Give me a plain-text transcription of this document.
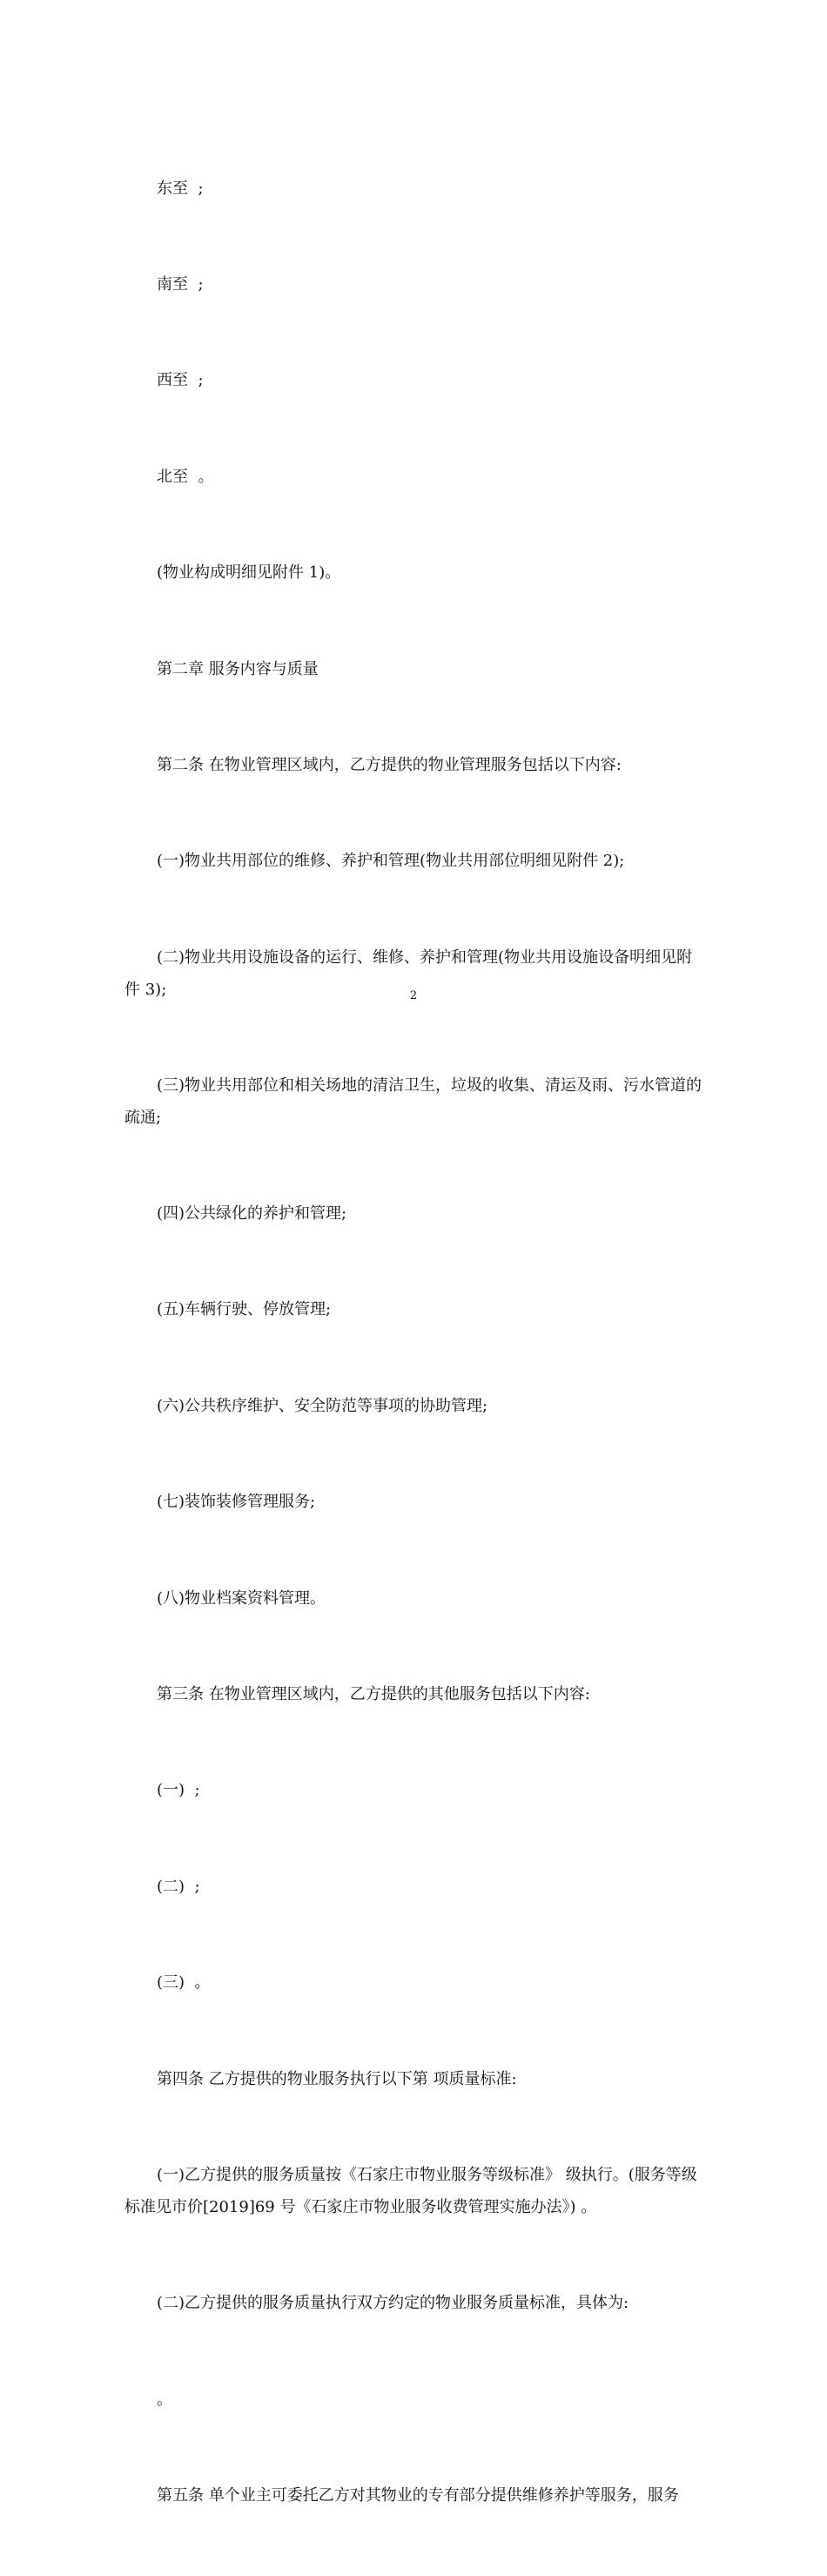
东至  ;

南至  ;

西至  ;

北至  。

(物业构成明细见附件 1)。

第二章 服务内容与质量

第二条 在物业管理区域内，乙方提供的物业管理服务包括以下内容:

(一)物业共用部位的维修、养护和管理(物业共用部位明细见附件 2);

(二)物业共用设施设备的运行、维修、养护和管理(物业共用设施设备明细见附件 3);

(三)物业共用部位和相关场地的清洁卫生，垃圾的收集、清运及雨、污水管道的疏通;

(四)公共绿化的养护和管理;

(五)车辆行驶、停放管理;

(六)公共秩序维护、安全防范等事项的协助管理;

(七)装饰装修管理服务;

(八)物业档案资料管理。

第三条 在物业管理区域内，乙方提供的其他服务包括以下内容:

(一)  ;

(二)  ;

(三)  。

第四条 乙方提供的物业服务执行以下第 项质量标准:

(一)乙方提供的服务质量按《石家庄市物业服务等级标准》 级执行。(服务等级标准见市价[2019]69 号《石家庄市物业服务收费管理实施办法》) 。

(二)乙方提供的服务质量执行双方约定的物业服务质量标准，具体为:

。

第五条 单个业主可委托乙方对其物业的专有部分提供维修养护等服务，服务

2
